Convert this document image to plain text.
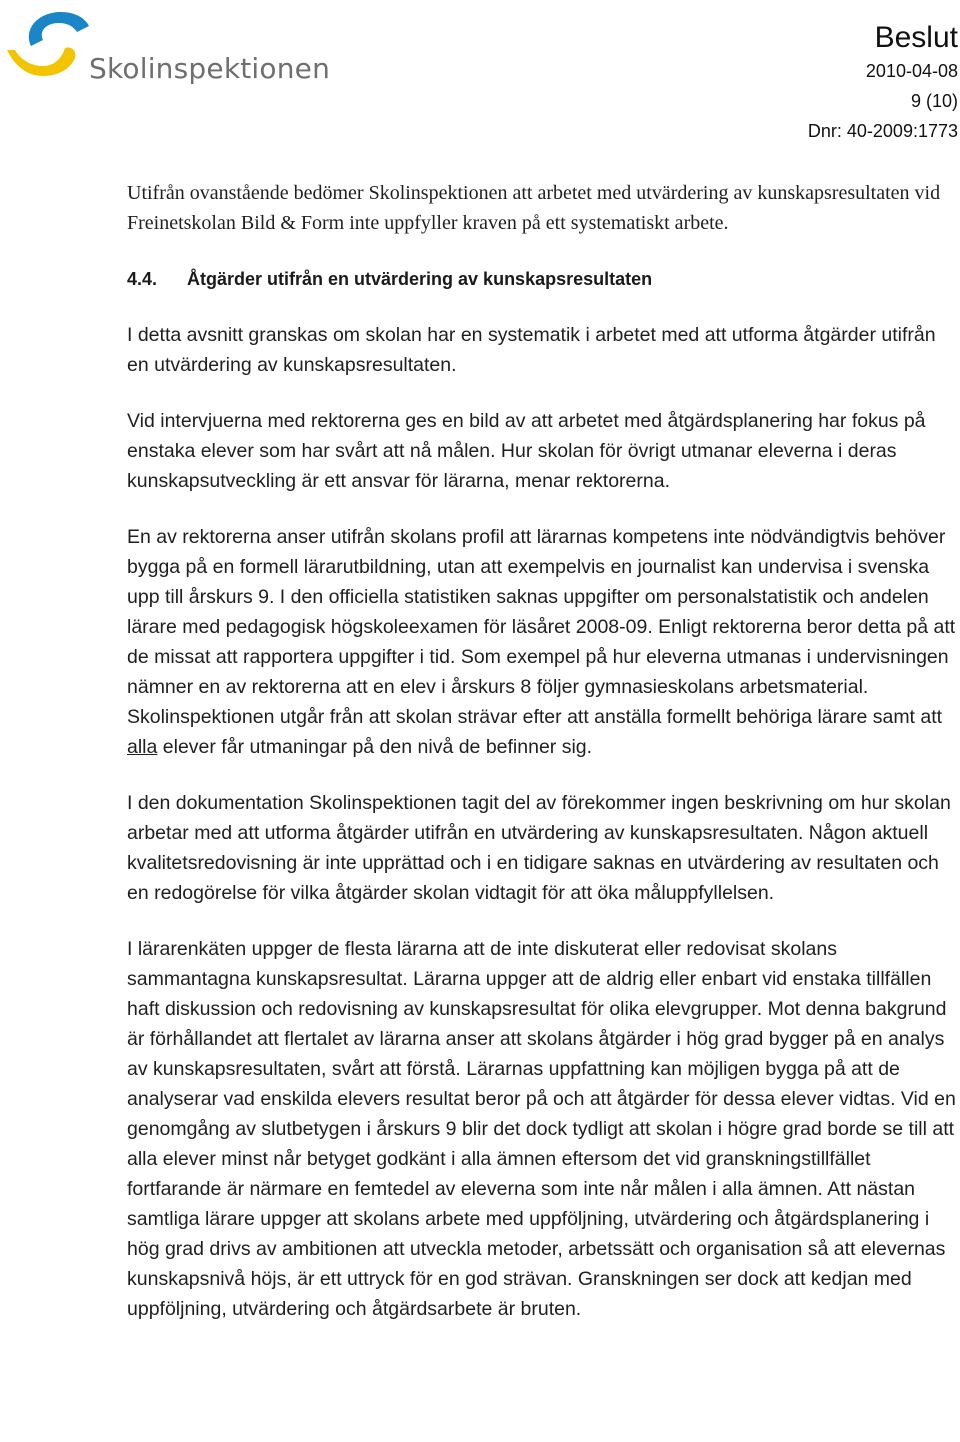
Skolinspektionen
Beslut
2010-04-08
9 (10)
Dnr: 40-2009:1773

Utifrån ovanstående bedömer Skolinspektionen att arbetet med utvärdering av kunskapsresultaten vid Freinetskolan Bild & Form inte uppfyller kraven på ett systematiskt arbete.

4.4.	Åtgärder utifrån en utvärdering av kunskapsresultaten

I detta avsnitt granskas om skolan har en systematik i arbetet med att utforma åtgärder utifrån en utvärdering av kunskapsresultaten.

Vid intervjuerna med rektorerna ges en bild av att arbetet med åtgärdsplanering har fokus på enstaka elever som har svårt att nå målen. Hur skolan för övrigt utmanar eleverna i deras kunskapsutveckling är ett ansvar för lärarna, menar rektorerna.

En av rektorerna anser utifrån skolans profil att lärarnas kompetens inte nödvändigtvis behöver bygga på en formell lärarutbildning, utan att exempelvis en journalist kan undervisa i svenska upp till årskurs 9. I den officiella statistiken saknas uppgifter om personalstatistik och andelen lärare med pedagogisk högskoleexamen för läsåret 2008-09. Enligt rektorerna beror detta på att de missat att rapportera uppgifter i tid. Som exempel på hur eleverna utmanas i undervisningen nämner en av rektorerna att en elev i årskurs 8 följer gymnasieskolans arbetsmaterial. Skolinspektionen utgår från att skolan strävar efter att anställa formellt behöriga lärare samt att alla elever får utmaningar på den nivå de befinner sig.

I den dokumentation Skolinspektionen tagit del av förekommer ingen beskrivning om hur skolan arbetar med att utforma åtgärder utifrån en utvärdering av kunskapsresultaten. Någon aktuell kvalitetsredovisning är inte upprättad och i en tidigare saknas en utvärdering av resultaten och en redogörelse för vilka åtgärder skolan vidtagit för att öka måluppfyllelsen.

I lärarenkäten uppger de flesta lärarna att de inte diskuterat eller redovisat skolans sammantagna kunskapsresultat. Lärarna uppger att de aldrig eller enbart vid enstaka tillfällen haft diskussion och redovisning av kunskapsresultat för olika elevgrupper. Mot denna bakgrund är förhållandet att flertalet av lärarna anser att skolans åtgärder i hög grad bygger på en analys av kunskapsresultaten, svårt att förstå. Lärarnas uppfattning kan möjligen bygga på att de analyserar vad enskilda elevers resultat beror på och att åtgärder för dessa elever vidtas. Vid en genomgång av slutbetygen i årskurs 9 blir det dock tydligt att skolan i högre grad borde se till att alla elever minst når betyget godkänt i alla ämnen eftersom det vid granskningstillfället fortfarande är närmare en femtedel av eleverna som inte når målen i alla ämnen. Att nästan samtliga lärare uppger att skolans arbete med uppföljning, utvärdering och åtgärdsplanering i hög grad drivs av ambitionen att utveckla metoder, arbetssätt och organisation så att elevernas kunskapsnivå höjs, är ett uttryck för en god strävan. Granskningen ser dock att kedjan med uppföljning, utvärdering och åtgärdsarbete är bruten.
